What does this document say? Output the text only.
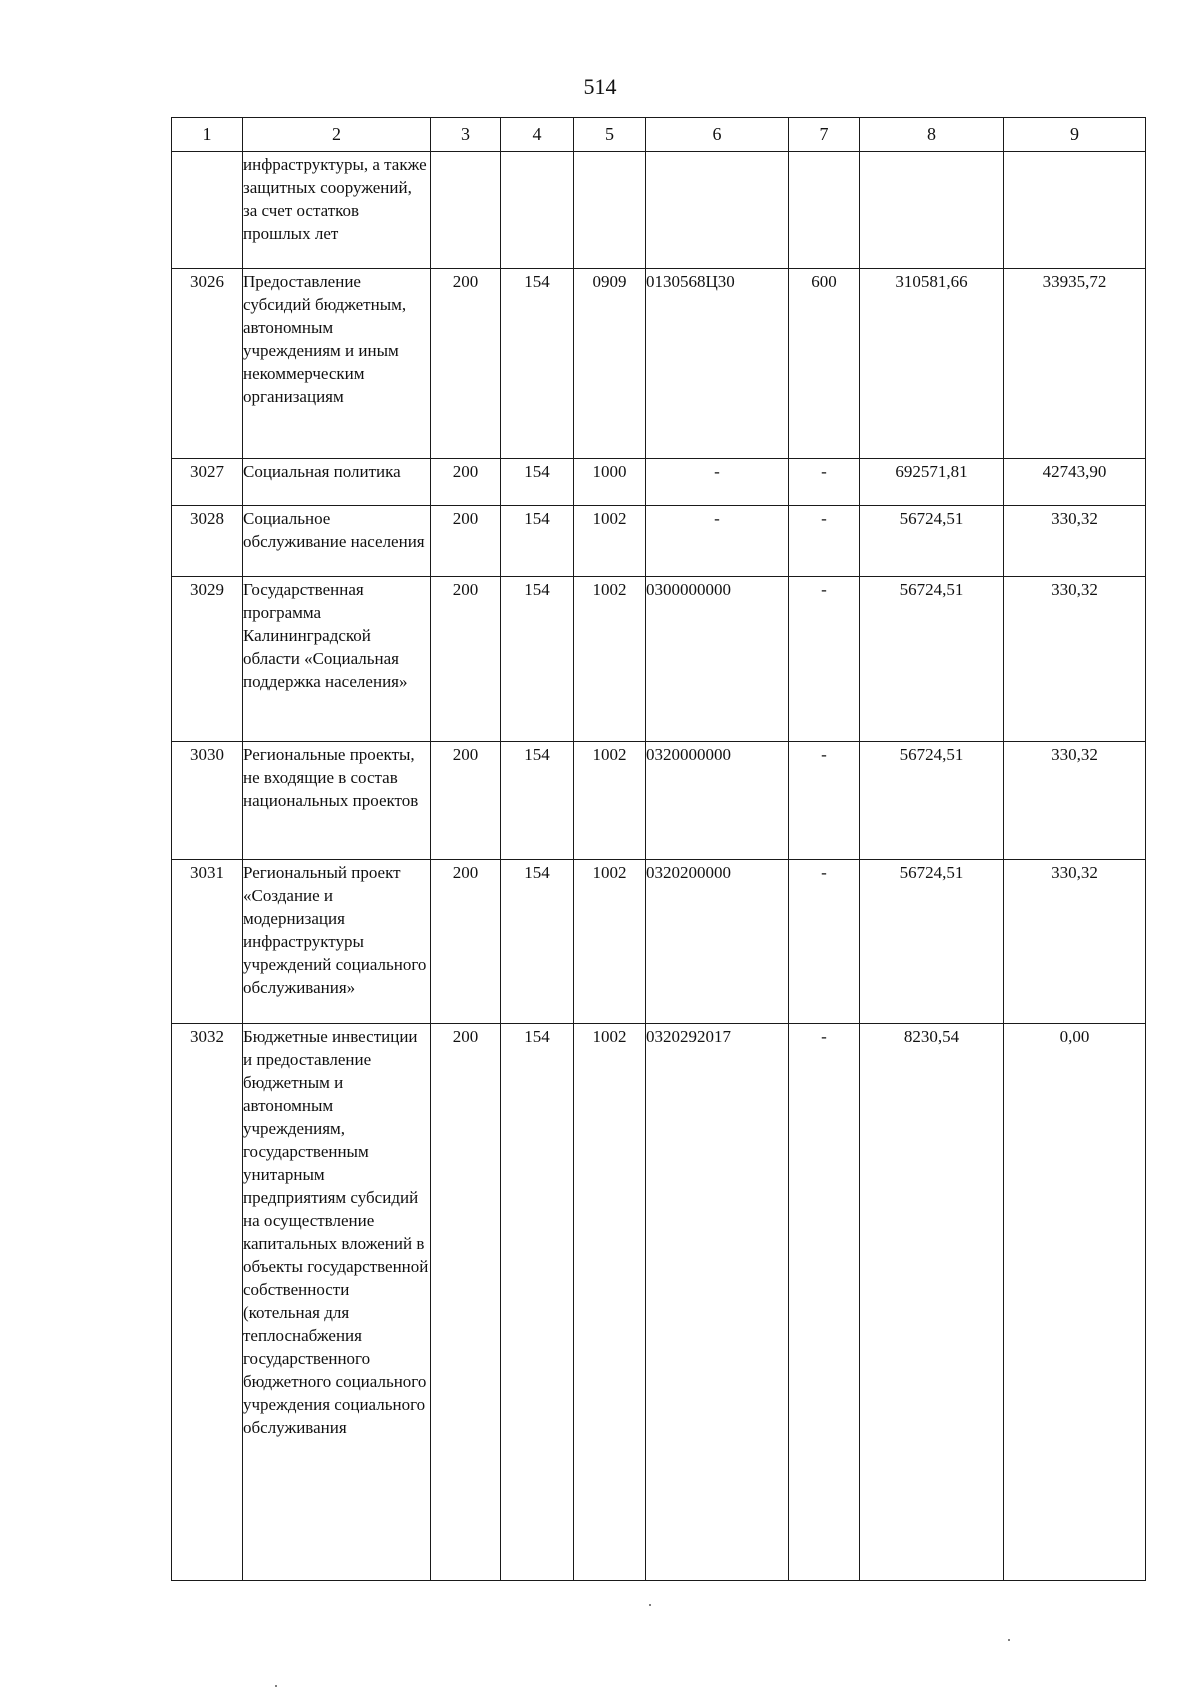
514
1	2	3	4	5	6	7	8	9
	инфраструктуры, а также защитных сооружений, за счет остатков прошлых лет							
3026	Предоставление субсидий бюджетным, автономным учреждениям и иным некоммерческим организациям	200	154	0909	0130568Ц30	600	310581,66	33935,72
3027	Социальная политика	200	154	1000	-	-	692571,81	42743,90
3028	Социальное обслуживание населения	200	154	1002	-	-	56724,51	330,32
3029	Государственная программа Калининградской области «Социальная поддержка населения»	200	154	1002	0300000000	-	56724,51	330,32
3030	Региональные проекты, не входящие в состав национальных проектов	200	154	1002	0320000000	-	56724,51	330,32
3031	Региональный проект «Создание и модернизация инфраструктуры учреждений социального обслуживания»	200	154	1002	0320200000	-	56724,51	330,32
3032	Бюджетные инвестиции и предоставление бюджетным и автономным учреждениям, государственным унитарным предприятиям субсидий на осуществление капитальных вложений в объекты государственной собственности (котельная для теплоснабжения государственного бюджетного социального учреждения социального обслуживания	200	154	1002	0320292017	-	8230,54	0,00
